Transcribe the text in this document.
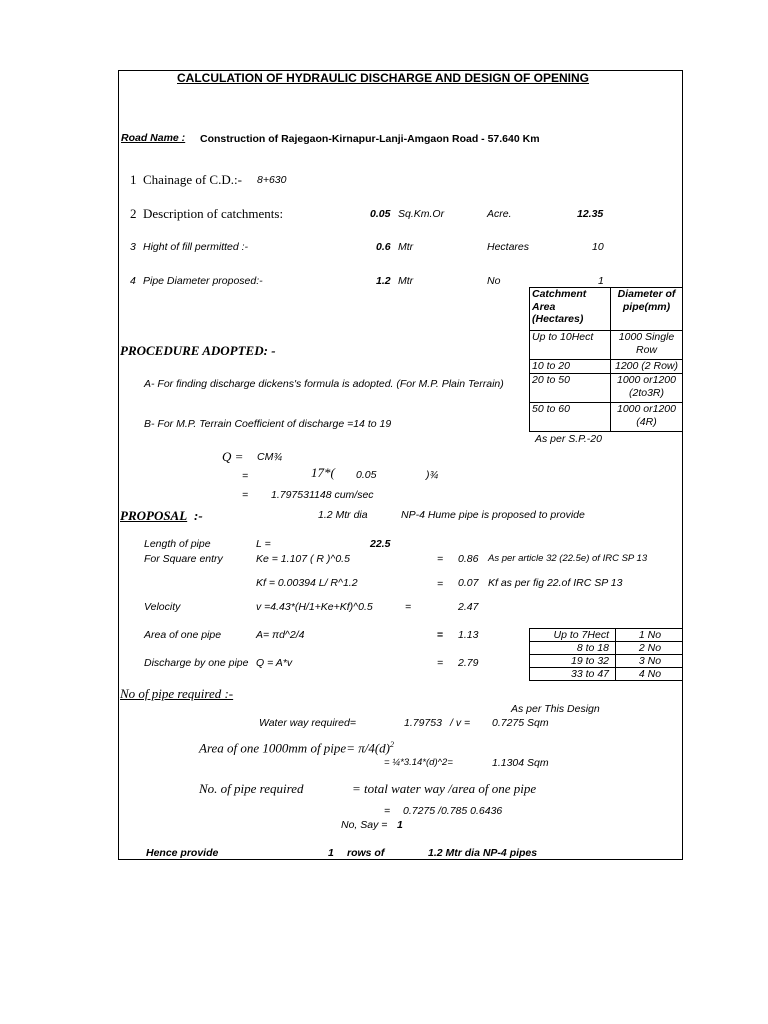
CALCULATION OF HYDRAULIC DISCHARGE AND DESIGN OF OPENING
Road Name : Construction of Rajegaon-Kirnapur-Lanji-Amgaon Road - 57.640 Km
1 Chainage of C.D.:- 8+630
2 Description of catchments:	0.05 Sq.Km.Or	Acre.	12.35
3 Hight of fill permitted :-	0.6 Mtr	Hectares	10
4 Pipe Diameter proposed:-	1.2 Mtr	No	1
Catchment Area (Hectares)	Diameter of pipe(mm)
Up to 10Hect	1000 Single Row
10 to 20	1200 (2 Row)
20 to 50	1000 or1200 (2to3R)
50 to 60	1000 or1200 (4R)
As per S.P.-20
PROCEDURE ADOPTED: -
A- For finding discharge dickens's formula is adopted. (For M.P. Plain Terrain)
B- For M.P. Terrain Coefficient of discharge =14 to 19
Q = CM¾
=	17*( 0.05	)¾
= 1.797531148 cum/sec
PROPOSAL :-	1.2 Mtr dia	NP-4 Hume pipe is proposed to provide
Length of pipe	L =	22.5
For Square entry	Ke = 1.107 ( R )^0.5	= 0.86 As per article 32 (22.5e) of IRC SP 13
Kf = 0.00394 L/ R^1.2	= 0.07 Kf as per fig 22.of IRC SP 13
Velocity	v =4.43*(H/1+Ke+Kf)^0.5	=	2.47
Area of one pipe	A= πd^2/4	= 1.13
Discharge by one pipe Q = A*v	= 2.79
Up to 7Hect	1 No
8 to 18	2 No
19 to 32	3 No
33 to 47	4 No
No of pipe required :-
As per This Design
Water way required=	1.79753 / v = 0.7275 Sqm
Area of one 1000mm of pipe= $\pi/4(d)^2$
= ¼*3.14*(d)^2=	1.1304 Sqm
No. of pipe required	= total water way /area of one pipe
= 0.7275 /0.785 0.6436
No, Say = 1
Hence provide	1 rows of	1.2 Mtr dia NP-4 pipes
